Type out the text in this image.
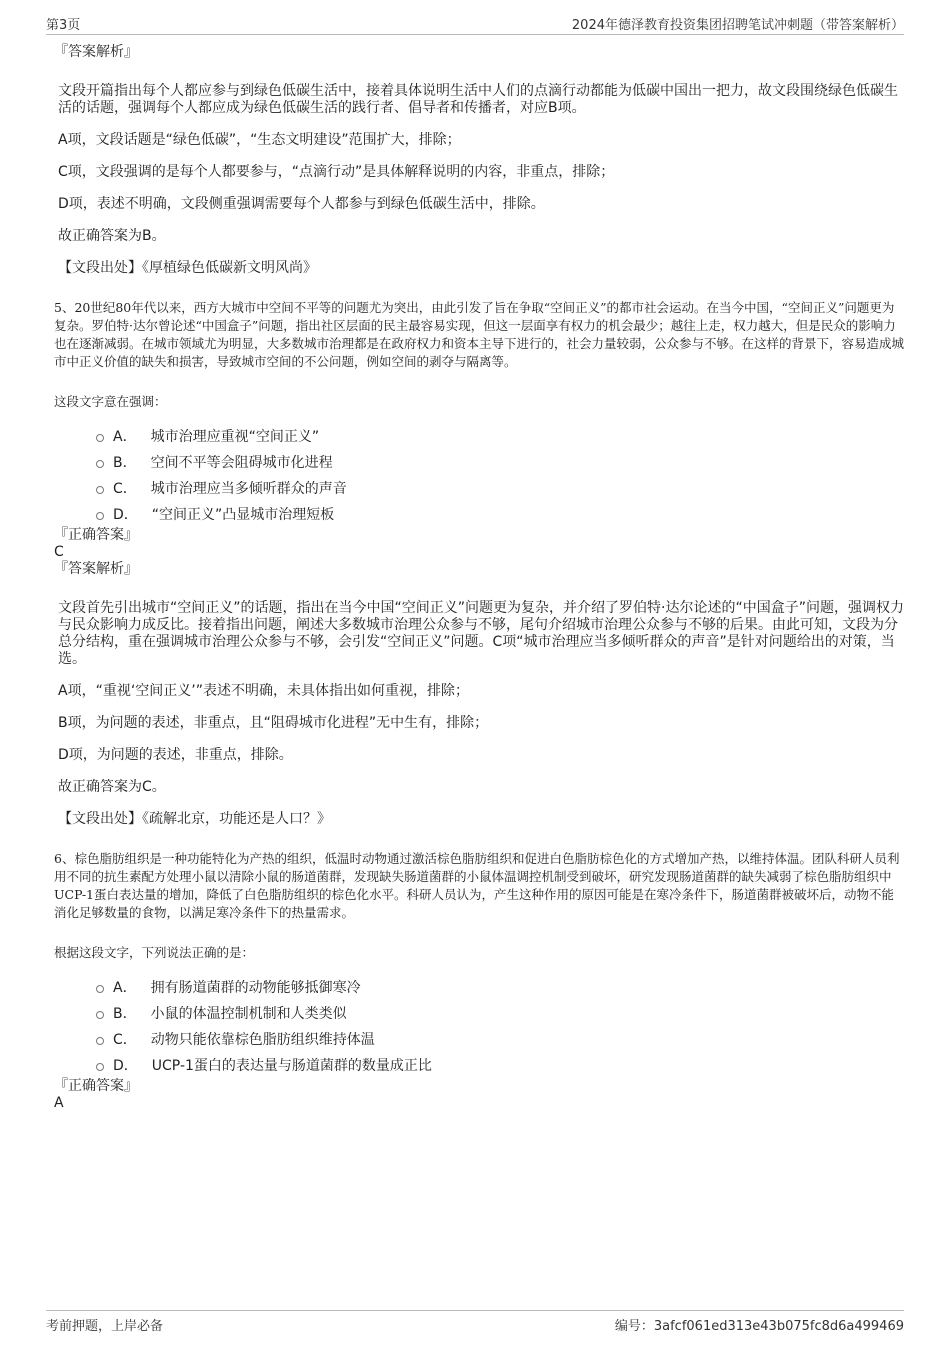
第3页	2024年德泽教育投资集团招聘笔试冲刺题（带答案解析）
『答案解析』

文段开篇指出每个人都应参与到绿色低碳生活中，接着具体说明生活中人们的点滴行动都能为低碳中国出一把力，故文段围绕绿色低碳生活的话题，强调每个人都应成为绿色低碳生活的践行者、倡导者和传播者，对应B项。

A项，文段话题是“绿色低碳”，“生态文明建设”范围扩大，排除；

C项，文段强调的是每个人都要参与，“点滴行动”是具体解释说明的内容，非重点，排除；

D项，表述不明确，文段侧重强调需要每个人都参与到绿色低碳生活中，排除。

故正确答案为B。

【文段出处】《厚植绿色低碳新文明风尚》

5、20世纪80年代以来，西方大城市中空间不平等的问题尤为突出，由此引发了旨在争取“空间正义”的都市社会运动。在当今中国，“空间正义”问题更为复杂。罗伯特·达尔曾论述“中国盒子”问题，指出社区层面的民主最容易实现，但这一层面享有权力的机会最少；越往上走，权力越大，但是民众的影响力也在逐渐减弱。在城市领域尤为明显，大多数城市治理都是在政府权力和资本主导下进行的，社会力量较弱，公众参与不够。在这样的背景下，容易造成城市中正义价值的缺失和损害，导致城市空间的不公问题，例如空间的剥夺与隔离等。

这段文字意在强调：

A． 城市治理应重视“空间正义”
B． 空间不平等会阻碍城市化进程
C． 城市治理应当多倾听群众的声音
D． “空间正义”凸显城市治理短板
『正确答案』
C
『答案解析』

文段首先引出城市“空间正义”的话题，指出在当今中国“空间正义”问题更为复杂，并介绍了罗伯特·达尔论述的“中国盒子”问题，强调权力与民众影响力成反比。接着指出问题，阐述大多数城市治理公众参与不够，尾句介绍城市治理公众参与不够的后果。由此可知，文段为分总分结构，重在强调城市治理公众参与不够，会引发“空间正义”问题。C项“城市治理应当多倾听群众的声音”是针对问题给出的对策，当选。

A项，“重视‘空间正义’”表述不明确，未具体指出如何重视，排除；

B项，为问题的表述，非重点，且“阻碍城市化进程”无中生有，排除；

D项，为问题的表述，非重点，排除。

故正确答案为C。

【文段出处】《疏解北京，功能还是人口？》

6、棕色脂肪组织是一种功能特化为产热的组织，低温时动物通过激活棕色脂肪组织和促进白色脂肪棕色化的方式增加产热，以维持体温。团队科研人员利用不同的抗生素配方处理小鼠以清除小鼠的肠道菌群，发现缺失肠道菌群的小鼠体温调控机制受到破坏，研究发现肠道菌群的缺失减弱了棕色脂肪组织中UCP-1蛋白表达量的增加，降低了白色脂肪组织的棕色化水平。科研人员认为，产生这种作用的原因可能是在寒冷条件下，肠道菌群被破坏后，动物不能消化足够数量的食物，以满足寒冷条件下的热量需求。

根据这段文字，下列说法正确的是：

A． 拥有肠道菌群的动物能够抵御寒冷
B． 小鼠的体温控制机制和人类类似
C． 动物只能依靠棕色脂肪组织维持体温
D． UCP-1蛋白的表达量与肠道菌群的数量成正比
『正确答案』
A
考前押题，上岸必备	编号：3afcf061ed313e43b075fc8d6a499469
